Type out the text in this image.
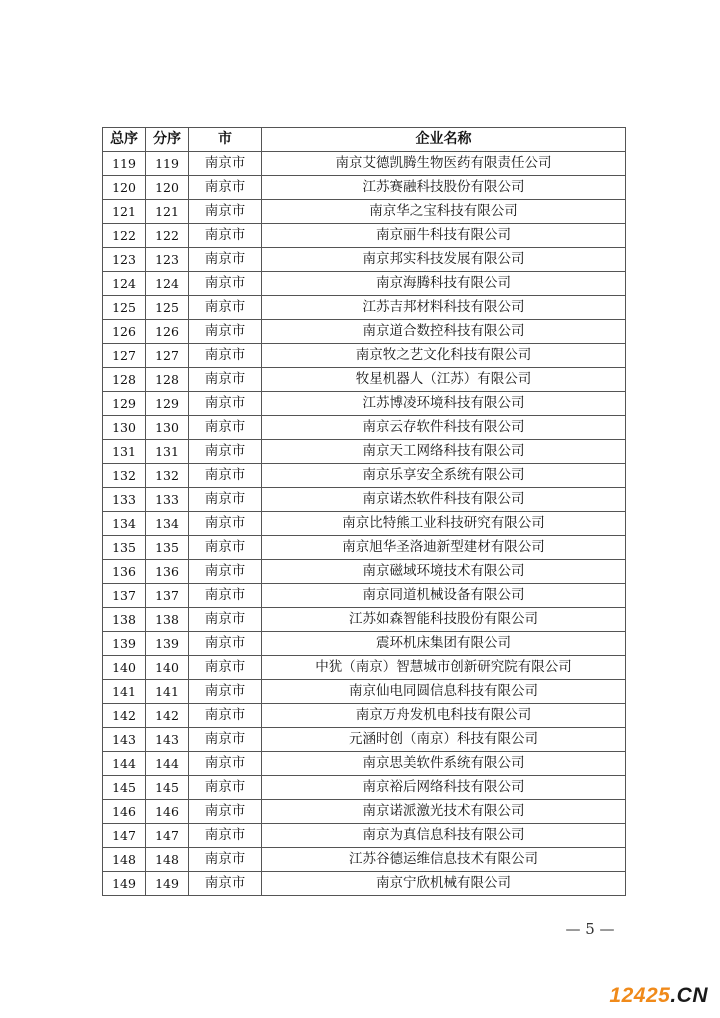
总序	分序	市	企业名称
119	119	南京市	南京艾德凯腾生物医药有限责任公司
120	120	南京市	江苏赛融科技股份有限公司
121	121	南京市	南京华之宝科技有限公司
122	122	南京市	南京丽牛科技有限公司
123	123	南京市	南京邦实科技发展有限公司
124	124	南京市	南京海腾科技有限公司
125	125	南京市	江苏吉邦材料科技有限公司
126	126	南京市	南京道合数控科技有限公司
127	127	南京市	南京牧之艺文化科技有限公司
128	128	南京市	牧星机器人（江苏）有限公司
129	129	南京市	江苏博凌环境科技有限公司
130	130	南京市	南京云存软件科技有限公司
131	131	南京市	南京天工网络科技有限公司
132	132	南京市	南京乐享安全系统有限公司
133	133	南京市	南京诺杰软件科技有限公司
134	134	南京市	南京比特熊工业科技研究有限公司
135	135	南京市	南京旭华圣洛迪新型建材有限公司
136	136	南京市	南京磁域环境技术有限公司
137	137	南京市	南京同道机械设备有限公司
138	138	南京市	江苏如森智能科技股份有限公司
139	139	南京市	震环机床集团有限公司
140	140	南京市	中犹（南京）智慧城市创新研究院有限公司
141	141	南京市	南京仙电同圆信息科技有限公司
142	142	南京市	南京万舟发机电科技有限公司
143	143	南京市	元涵时创（南京）科技有限公司
144	144	南京市	南京思美软件系统有限公司
145	145	南京市	南京裕后网络科技有限公司
146	146	南京市	南京诺派激光技术有限公司
147	147	南京市	南京为真信息科技有限公司
148	148	南京市	江苏谷德运维信息技术有限公司
149	149	南京市	南京宁欣机械有限公司
— 5 —
12425.CN
